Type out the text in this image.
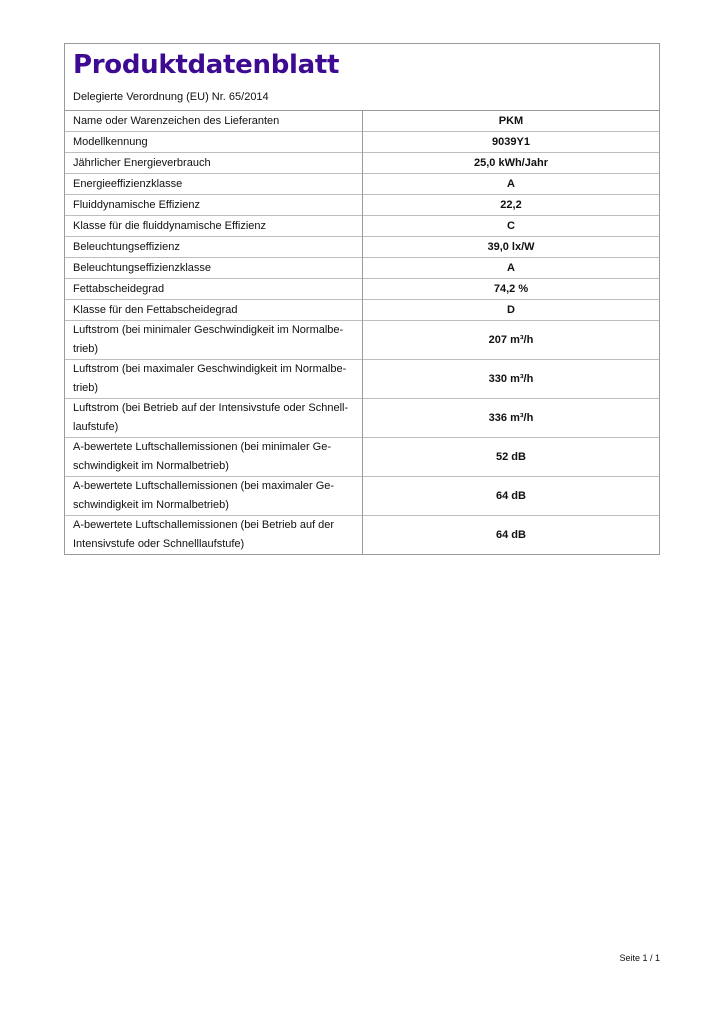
Produktdatenblatt
Delegierte Verordnung (EU) Nr. 65/2014
Name oder Warenzeichen des Lieferanten	PKM
Modellkennung	9039Y1
Jährlicher Energieverbrauch	25,0 kWh/Jahr
Energieeffizienzklasse	A
Fluiddynamische Effizienz	22,2
Klasse für die fluiddynamische Effizienz	C
Beleuchtungseffizienz	39,0 lx/W
Beleuchtungseffizienzklasse	A
Fettabscheidegrad	74,2 %
Klasse für den Fettabscheidegrad	D
Luftstrom (bei minimaler Geschwindigkeit im Normalbe-
trieb)	207 m³/h
Luftstrom (bei maximaler Geschwindigkeit im Normalbe-
trieb)	330 m³/h
Luftstrom (bei Betrieb auf der Intensivstufe oder Schnell-
laufstufe)	336 m³/h
A-bewertete Luftschallemissionen (bei minimaler Ge-
schwindigkeit im Normalbetrieb)	52 dB
A-bewertete Luftschallemissionen (bei maximaler Ge-
schwindigkeit im Normalbetrieb)	64 dB
A-bewertete Luftschallemissionen (bei Betrieb auf der
Intensivstufe oder Schnelllaufstufe)	64 dB
Seite 1 / 1
